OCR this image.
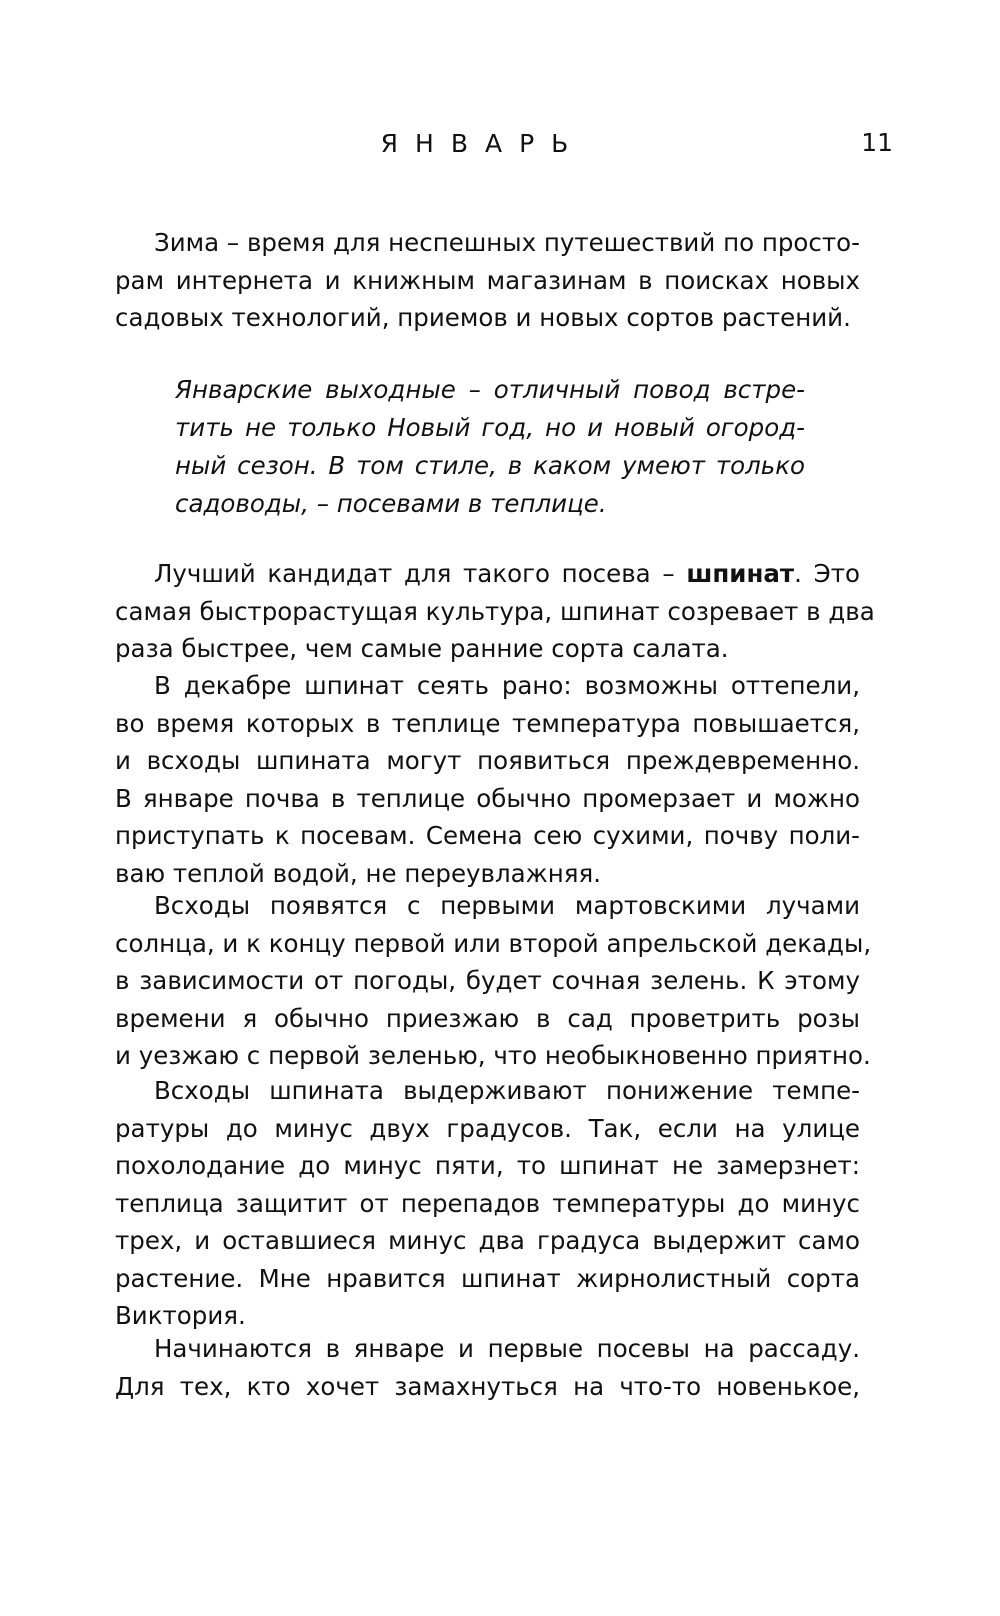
ЯНВАРЬ	11
Зима – время для неспешных путешествий по просто-
рам интернета и книжным магазинам в поисках новых
садовых технологий, приемов и новых сортов растений.
Январские выходные – отличный повод встре-
тить не только Новый год, но и новый огород-
ный сезон. В том стиле, в каком умеют только
садоводы, – посевами в теплице.
Лучший кандидат для такого посева – шпинат. Это
самая быстрорастущая культура, шпинат созревает в два
раза быстрее, чем самые ранние сорта салата.
В декабре шпинат сеять рано: возможны оттепели,
во время которых в теплице температура повышается,
и всходы шпината могут появиться преждевременно.
В январе почва в теплице обычно промерзает и можно
приступать к посевам. Семена сею сухими, почву поли-
ваю теплой водой, не переувлажняя.
Всходы появятся с первыми мартовскими лучами
солнца, и к концу первой или второй апрельской декады,
в зависимости от погоды, будет сочная зелень. К этому
времени я обычно приезжаю в сад проветрить розы
и уезжаю с первой зеленью, что необыкновенно приятно.
Всходы шпината выдерживают понижение темпе-
ратуры до минус двух градусов. Так, если на улице
похолодание до минус пяти, то шпинат не замерзнет:
теплица защитит от перепадов температуры до минус
трех, и оставшиеся минус два градуса выдержит само
растение. Мне нравится шпинат жирнолистный сорта
Виктория.
Начинаются в январе и первые посевы на рассаду.
Для тех, кто хочет замахнуться на что-то новенькое,
